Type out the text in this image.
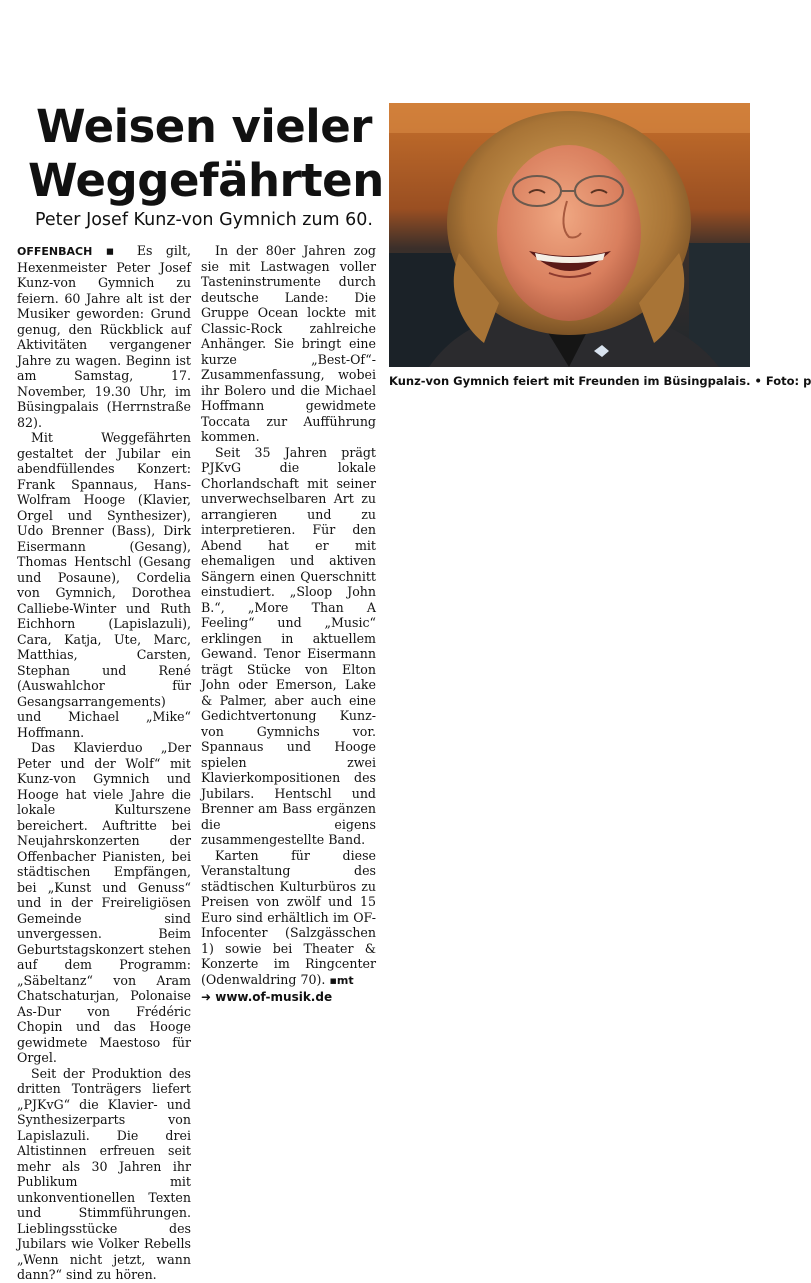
Weisen vieler
Weggefährten

Peter Josef Kunz-von Gymnich zum 60.

OFFENBACH ▪ Es gilt, Hexenmeister Peter Josef Kunz-von Gymnich zu feiern. 60 Jahre alt ist der Musiker geworden: Grund genug, den Rückblick auf Aktivitäten vergangener Jahre zu wagen. Beginn ist am Samstag, 17. November, 19.30 Uhr, im Büsingpalais (Herrnstraße 82).

Mit Weggefährten gestaltet der Jubilar ein abendfüllendes Konzert: Frank Spannaus, Hans-Wolfram Hooge (Klavier, Orgel und Synthesizer), Udo Brenner (Bass), Dirk Eisermann (Gesang), Thomas Hentschl (Gesang und Posaune), Cordelia von Gymnich, Dorothea Calliebe-Winter und Ruth Eichhorn (Lapislazuli), Cara, Katja, Ute, Marc, Matthias, Carsten, Stephan und René (Auswahlchor für Gesangsarrangements) und Michael „Mike“ Hoffmann.

Das Klavierduo „Der Peter und der Wolf“ mit Kunz-von Gymnich und Hooge hat viele Jahre die lokale Kulturszene bereichert. Auftritte bei Neujahrskonzerten der Offenbacher Pianisten, bei städtischen Empfängen, bei „Kunst und Genuss“ und in der Freireligiösen Gemeinde sind unvergessen. Beim Geburtstagskonzert stehen auf dem Programm: „Säbeltanz“ von Aram Chatschaturjan, Polonaise As-Dur von Frédéric Chopin und das Hooge gewidmete Maestoso für Orgel.

Seit der Produktion des dritten Tonträgers liefert „PJKvG“ die Klavier- und Synthesizerparts von Lapislazuli. Die drei Altistinnen erfreuen seit mehr als 30 Jahren ihr Publikum mit unkonventionellen Texten und Stimmführungen. Lieblingsstücke des Jubilars wie Volker Rebells „Wenn nicht jetzt, wann dann?“ sind zu hören.

In der 80er Jahren zog sie mit Lastwagen voller Tasteninstrumente durch deutsche Lande: Die Gruppe Ocean lockte mit Classic-Rock zahlreiche Anhänger. Sie bringt eine kurze „Best-Of“-Zusammenfassung, wobei ihr Bolero und die Michael Hoffmann gewidmete Toccata zur Aufführung kommen.

Seit 35 Jahren prägt PJKvG die lokale Chorlandschaft mit seiner unverwechselbaren Art zu arrangieren und zu interpretieren. Für den Abend hat er mit ehemaligen und aktiven Sängern einen Querschnitt einstudiert. „Sloop John B.“, „More Than A Feeling“ und „Music“ erklingen in aktuellem Gewand. Tenor Eisermann trägt Stücke von Elton John oder Emerson, Lake & Palmer, aber auch eine Gedichtvertonung Kunz-von Gymnichs vor. Spannaus und Hooge spielen zwei Klavierkompositionen des Jubilars. Hentschl und Brenner am Bass ergänzen die eigens zusammengestellte Band.

Karten für diese Veranstaltung des städtischen Kulturbüros zu Preisen von zwölf und 15 Euro sind erhältlich im OF-Infocenter (Salzgässchen 1) sowie bei Theater & Konzerte im Ringcenter (Odenwaldring 70). ▪mt

➜ www.of-musik.de
Kunz-von Gymnich feiert mit Freunden im Büsingpalais. • Foto: p
